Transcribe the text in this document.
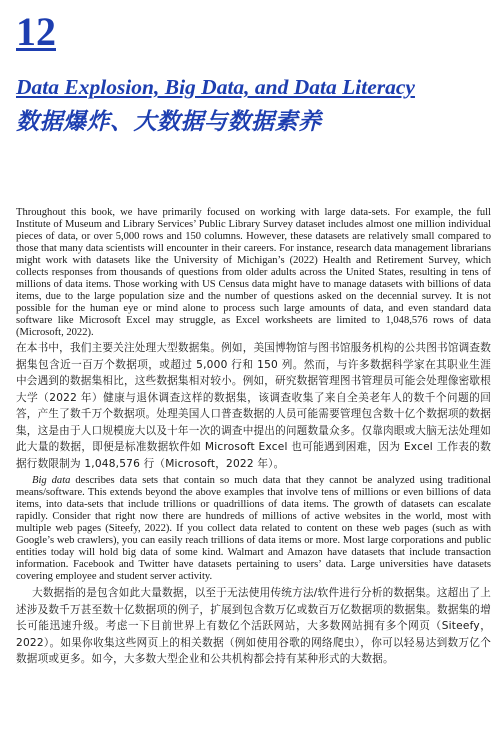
12
Data Explosion, Big Data, and Data Literacy
数据爆炸、大数据与数据素养

Throughout this book, we have primarily focused on working with large data-sets. For example, the full Institute of Museum and Library Services’ Public Library Survey dataset includes almost one million individual pieces of data, or over 5,000 rows and 150 columns. However, these datasets are relatively small compared to those that many data scientists will encounter in their careers. For instance, research data management librarians might work with datasets like the University of Michigan’s (2022) Health and Retirement Survey, which collects responses from thousands of questions from older adults across the United States, resulting in tens of millions of data items. Those working with US Census data might have to manage datasets with billions of data items, due to the large population size and the number of questions asked on the decennial survey. It is not possible for the human eye or mind alone to process such large amounts of data, and even standard data software like Microsoft Excel may struggle, as Excel worksheets are limited to 1,048,576 rows of data (Microsoft, 2022).

在本书中，我们主要关注处理大型数据集。例如，美国博物馆与图书馆服务机构的公共图书馆调查数据集包含近一百万个数据项，或超过 5,000 行和 150 列。然而，与许多数据科学家在其职业生涯中会遇到的数据集相比，这些数据集相对较小。例如，研究数据管理图书管理员可能会处理像密歇根大学（2022 年）健康与退休调查这样的数据集，该调查收集了来自全美老年人的数千个问题的回答，产生了数千万个数据项。处理美国人口普查数据的人员可能需要管理包含数十亿个数据项的数据集，这是由于人口规模庞大以及十年一次的调查中提出的问题数量众多。仅靠肉眼或大脑无法处理如此大量的数据，即便是标准数据软件如 Microsoft Excel 也可能遇到困难，因为 Excel 工作表的数据行数限制为 1,048,576 行（Microsoft，2022 年）。

Big data describes data sets that contain so much data that they cannot be analyzed using traditional means/software. This extends beyond the above examples that involve tens of millions or even billions of data items, into data-sets that include trillions or quadrillions of data items. The growth of datasets can escalate rapidly. Consider that right now there are hundreds of millions of active websites in the world, most with multiple web pages (Siteefy, 2022). If you collect data related to content on these web pages (such as with Google’s web crawlers), you can easily reach trillions of data items or more. Most large corporations and public entities today will hold big data of some kind. Walmart and Amazon have datasets that include transaction information. Facebook and Twitter have datasets pertaining to users’ data. Large universities have datasets covering employee and student server activity.

大数据指的是包含如此大量数据，以至于无法使用传统方法/软件进行分析的数据集。这超出了上述涉及数千万甚至数十亿数据项的例子，扩展到包含数万亿或数百万亿数据项的数据集。数据集的增长可能迅速升级。考虑一下目前世界上有数亿个活跃网站，大多数网站拥有多个网页（Siteefy，2022）。如果你收集这些网页上的相关数据（例如使用谷歌的网络爬虫），你可以轻易达到数万亿个数据项或更多。如今，大多数大型企业和公共机构都会持有某种形式的大数据。
